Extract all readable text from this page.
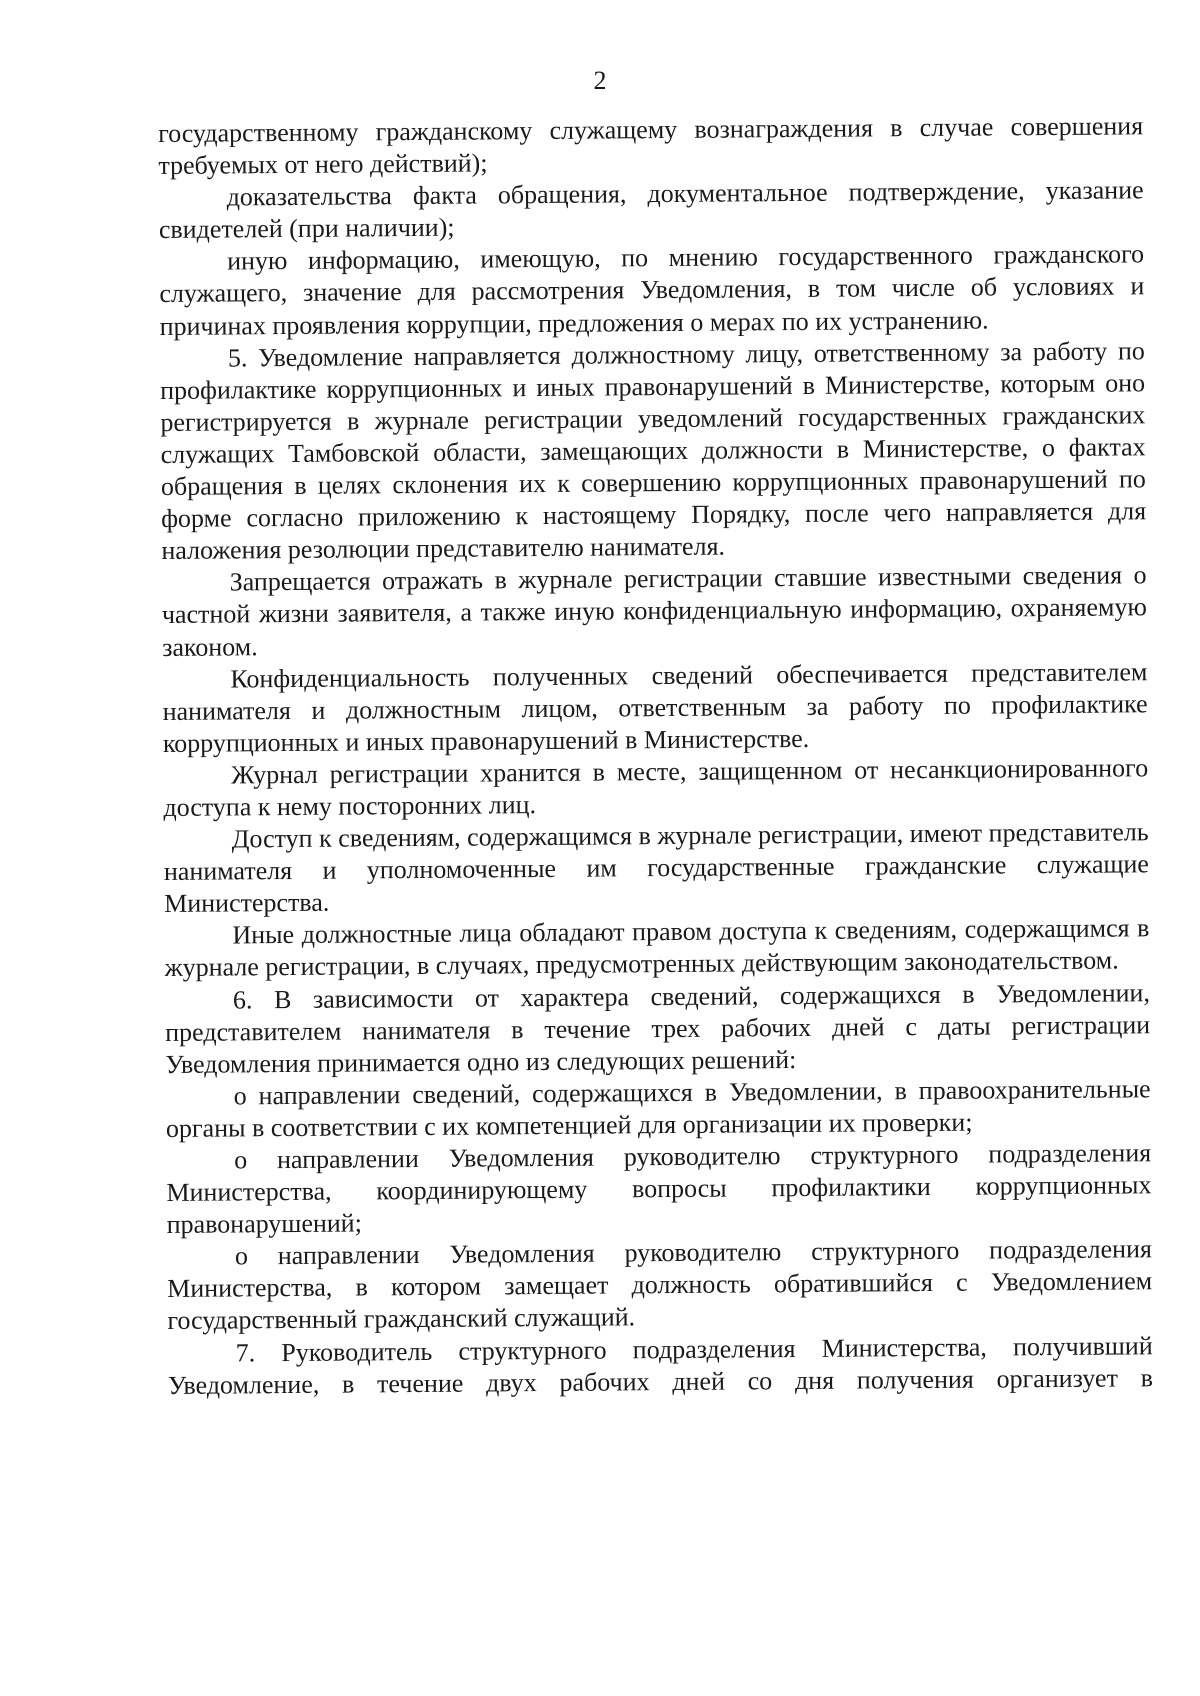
2

государственному гражданскому служащему вознаграждения в случае совершения требуемых от него действий);

доказательства факта обращения, документальное подтверждение, указание свидетелей (при наличии);

иную информацию, имеющую, по мнению государственного гражданского служащего, значение для рассмотрения Уведомления, в том числе об условиях и причинах проявления коррупции, предложения о мерах по их устранению.

5. Уведомление направляется должностному лицу, ответственному за работу по профилактике коррупционных и иных правонарушений в Министерстве, которым оно регистрируется в журнале регистрации уведомлений государственных гражданских служащих Тамбовской области, замещающих должности в Министерстве, о фактах обращения в целях склонения их к совершению коррупционных правонарушений по форме согласно приложению к настоящему Порядку, после чего направляется для наложения резолюции представителю нанимателя.

Запрещается отражать в журнале регистрации ставшие известными сведения о частной жизни заявителя, а также иную конфиденциальную информацию, охраняемую законом.

Конфиденциальность полученных сведений обеспечивается представителем нанимателя и должностным лицом, ответственным за работу по профилактике коррупционных и иных правонарушений в Министерстве.

Журнал регистрации хранится в месте, защищенном от несанкционированного доступа к нему посторонних лиц.

Доступ к сведениям, содержащимся в журнале регистрации, имеют представитель нанимателя и уполномоченные им государственные гражданские служащие Министерства.

Иные должностные лица обладают правом доступа к сведениям, содержащимся в журнале регистрации, в случаях, предусмотренных действующим законодательством.

6. В зависимости от характера сведений, содержащихся в Уведомлении, представителем нанимателя в течение трех рабочих дней с даты регистрации Уведомления принимается одно из следующих решений:

о направлении сведений, содержащихся в Уведомлении, в правоохранительные органы в соответствии с их компетенцией для организации их проверки;

о направлении Уведомления руководителю структурного подразделения Министерства, координирующему вопросы профилактики коррупционных правонарушений;

о направлении Уведомления руководителю структурного подразделения Министерства, в котором замещает должность обратившийся с Уведомлением государственный гражданский служащий.

7. Руководитель структурного подразделения Министерства, получивший Уведомление, в течение двух рабочих дней со дня получения организует в
